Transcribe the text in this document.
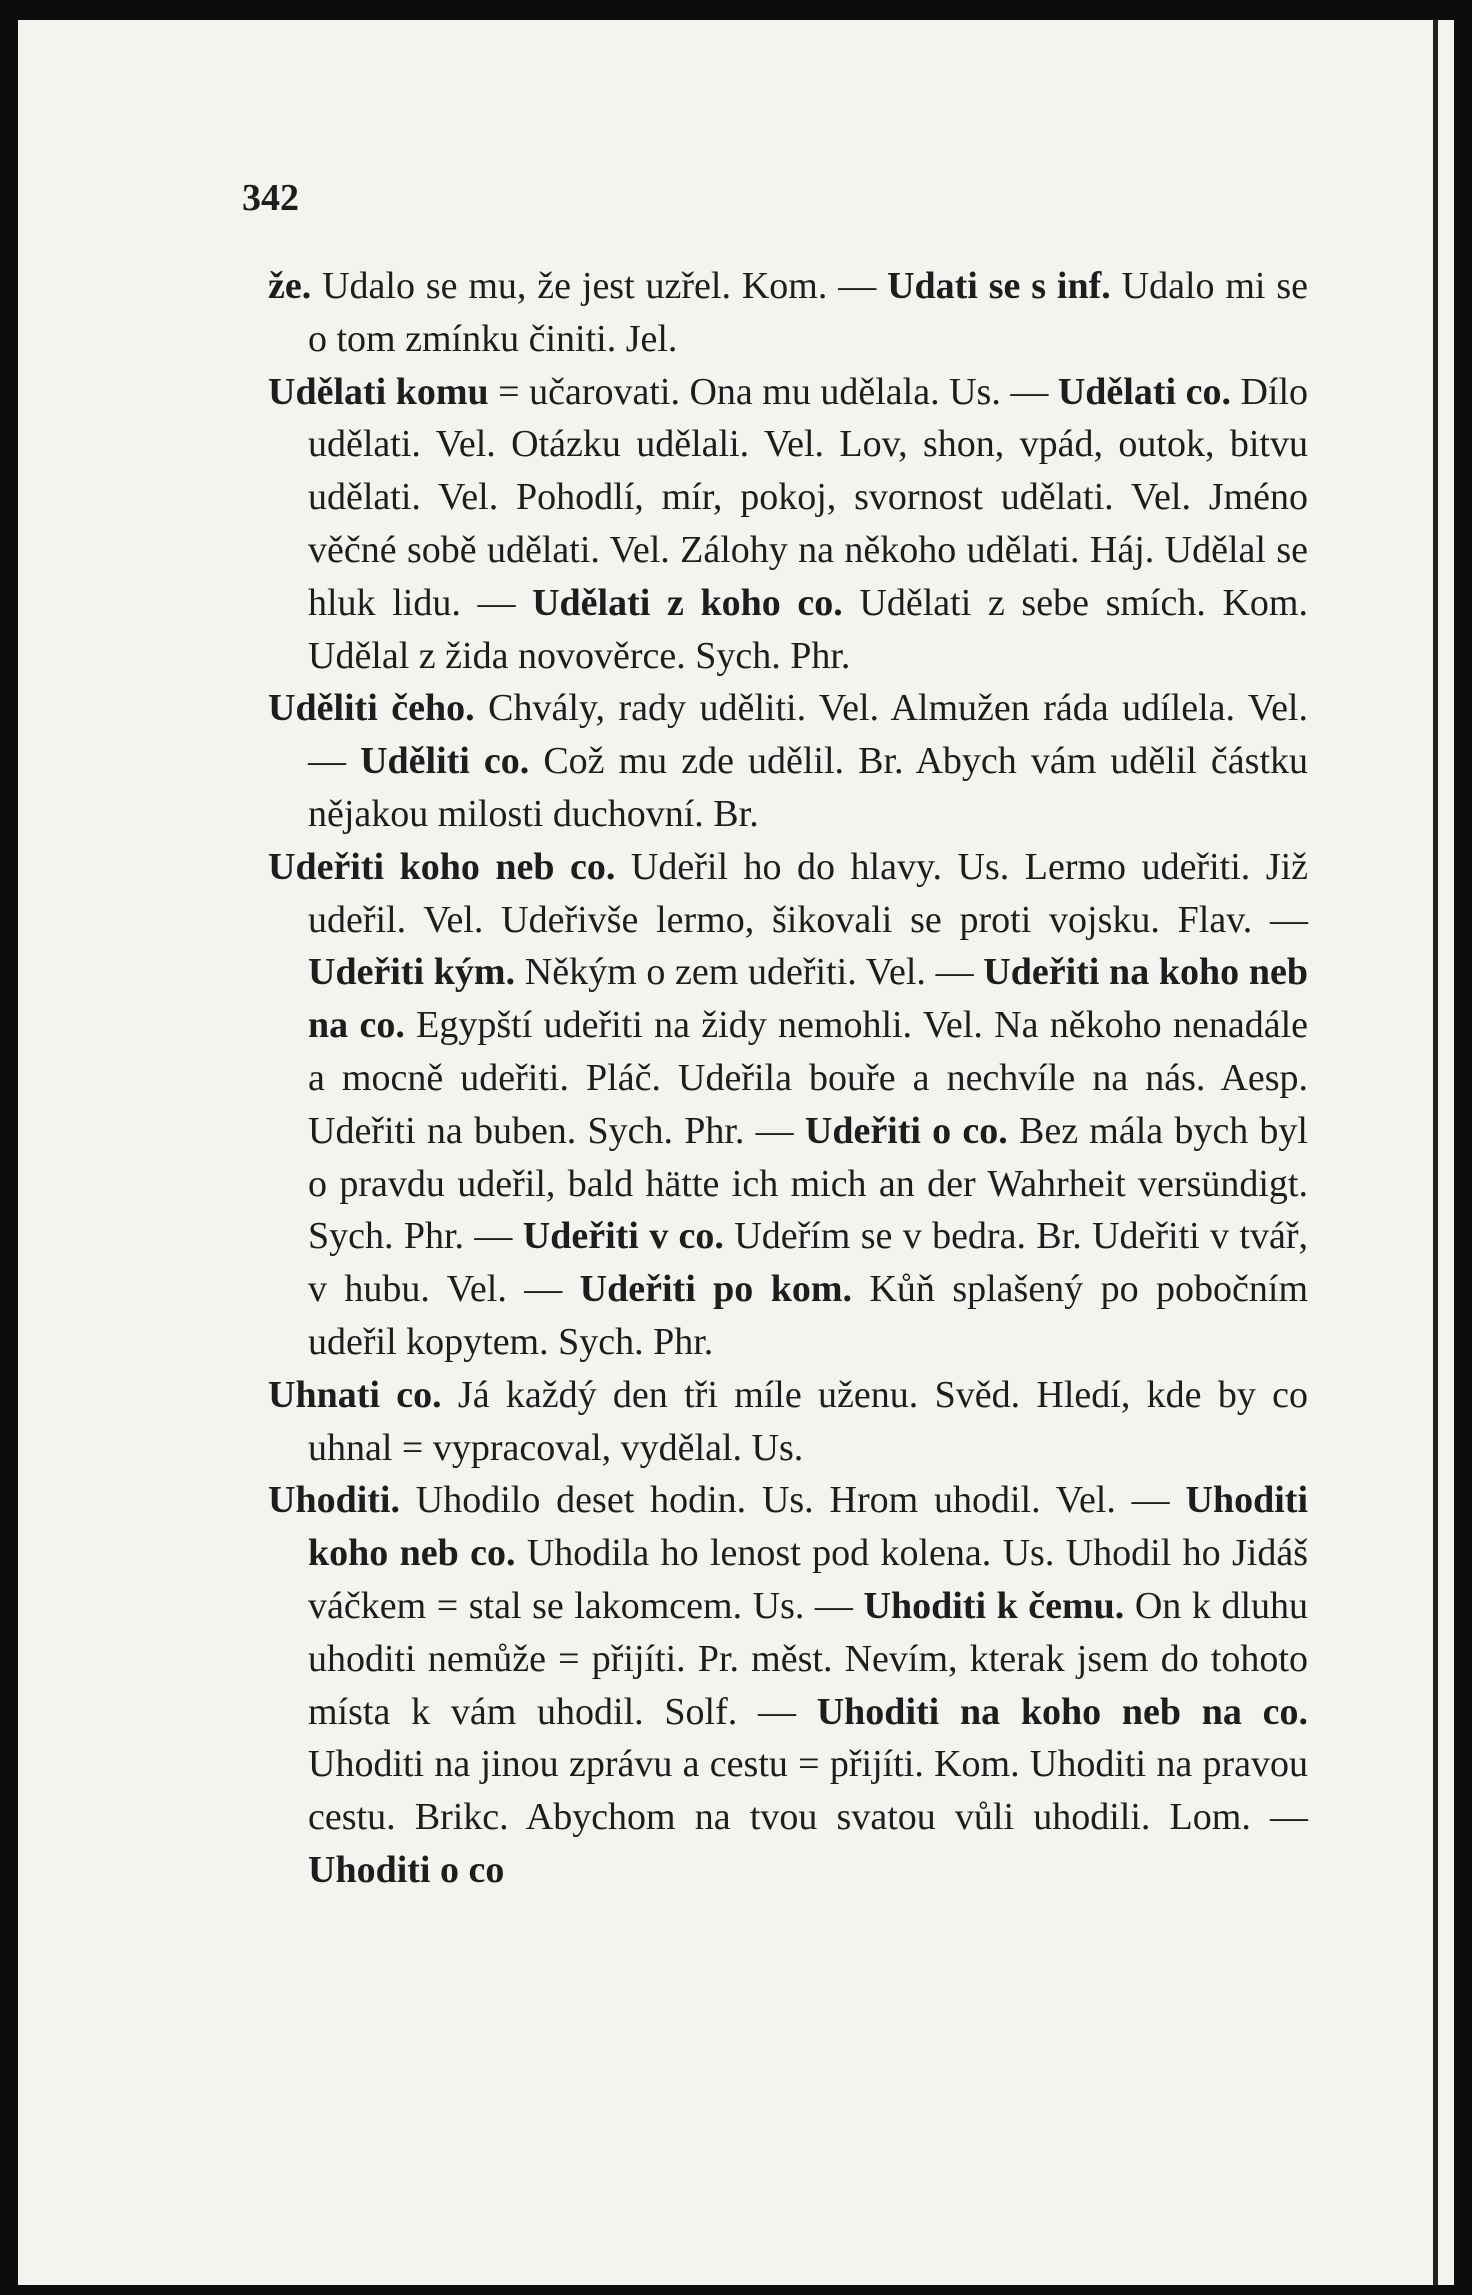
342

že. Udalo se mu, že jest uzřel. Kom. — Udati se s inf. Udalo mi se o tom zmínku činiti. Jel.

Udělati komu = učarovati. Ona mu udělala. Us. — Udělati co. Dílo udělati. Vel. Otázku udělali. Vel. Lov, shon, vpád, outok, bitvu udělati. Vel. Pohodlí, mír, pokoj, svornost udělati. Vel. Jméno věčné sobě udělati. Vel. Zálohy na někoho udělati. Háj. Udělal se hluk lidu. — Udělati z koho co. Udělati z sebe smích. Kom. Udělal z žida novověrce. Sych. Phr.

Uděliti čeho. Chvály, rady uděliti. Vel. Almužen ráda udílela. Vel. — Uděliti co. Což mu zde udělil. Br. Abych vám udělil částku nějakou milosti duchovní. Br.

Udeřiti koho neb co. Udeřil ho do hlavy. Us. Lermo udeřiti. Již udeřil. Vel. Udeřivše lermo, šikovali se proti vojsku. Flav. — Udeřiti kým. Někým o zem udeřiti. Vel. — Udeřiti na koho neb na co. Egypští udeřiti na židy nemohli. Vel. Na někoho nenadále a mocně udeřiti. Pláč. Udeřila bouře a nechvíle na nás. Aesp. Udeřiti na buben. Sych. Phr. — Udeřiti o co. Bez mála bych byl o pravdu udeřil, bald hätte ich mich an der Wahrheit versündigt. Sych. Phr. — Udeřiti v co. Udeřím se v bedra. Br. Udeřiti v tvář, v hubu. Vel. — Udeřiti po kom. Kůň splašený po pobočním udeřil kopytem. Sych. Phr.

Uhnati co. Já každý den tři míle uženu. Svěd. Hledí, kde by co uhnal = vypracoval, vydělal. Us.

Uhoditi. Uhodilo deset hodin. Us. Hrom uhodil. Vel. — Uhoditi koho neb co. Uhodila ho lenost pod kolena. Us. Uhodil ho Jidáš váčkem = stal se lakomcem. Us. — Uhoditi k čemu. On k dluhu uhoditi nemůže = přijíti. Pr. měst. Nevím, kterak jsem do tohoto místa k vám uhodil. Solf. — Uhoditi na koho neb na co. Uhoditi na jinou zprávu a cestu = přijíti. Kom. Uhoditi na pravou cestu. Brikc. Abychom na tvou svatou vůli uhodili. Lom. — Uhoditi o co
